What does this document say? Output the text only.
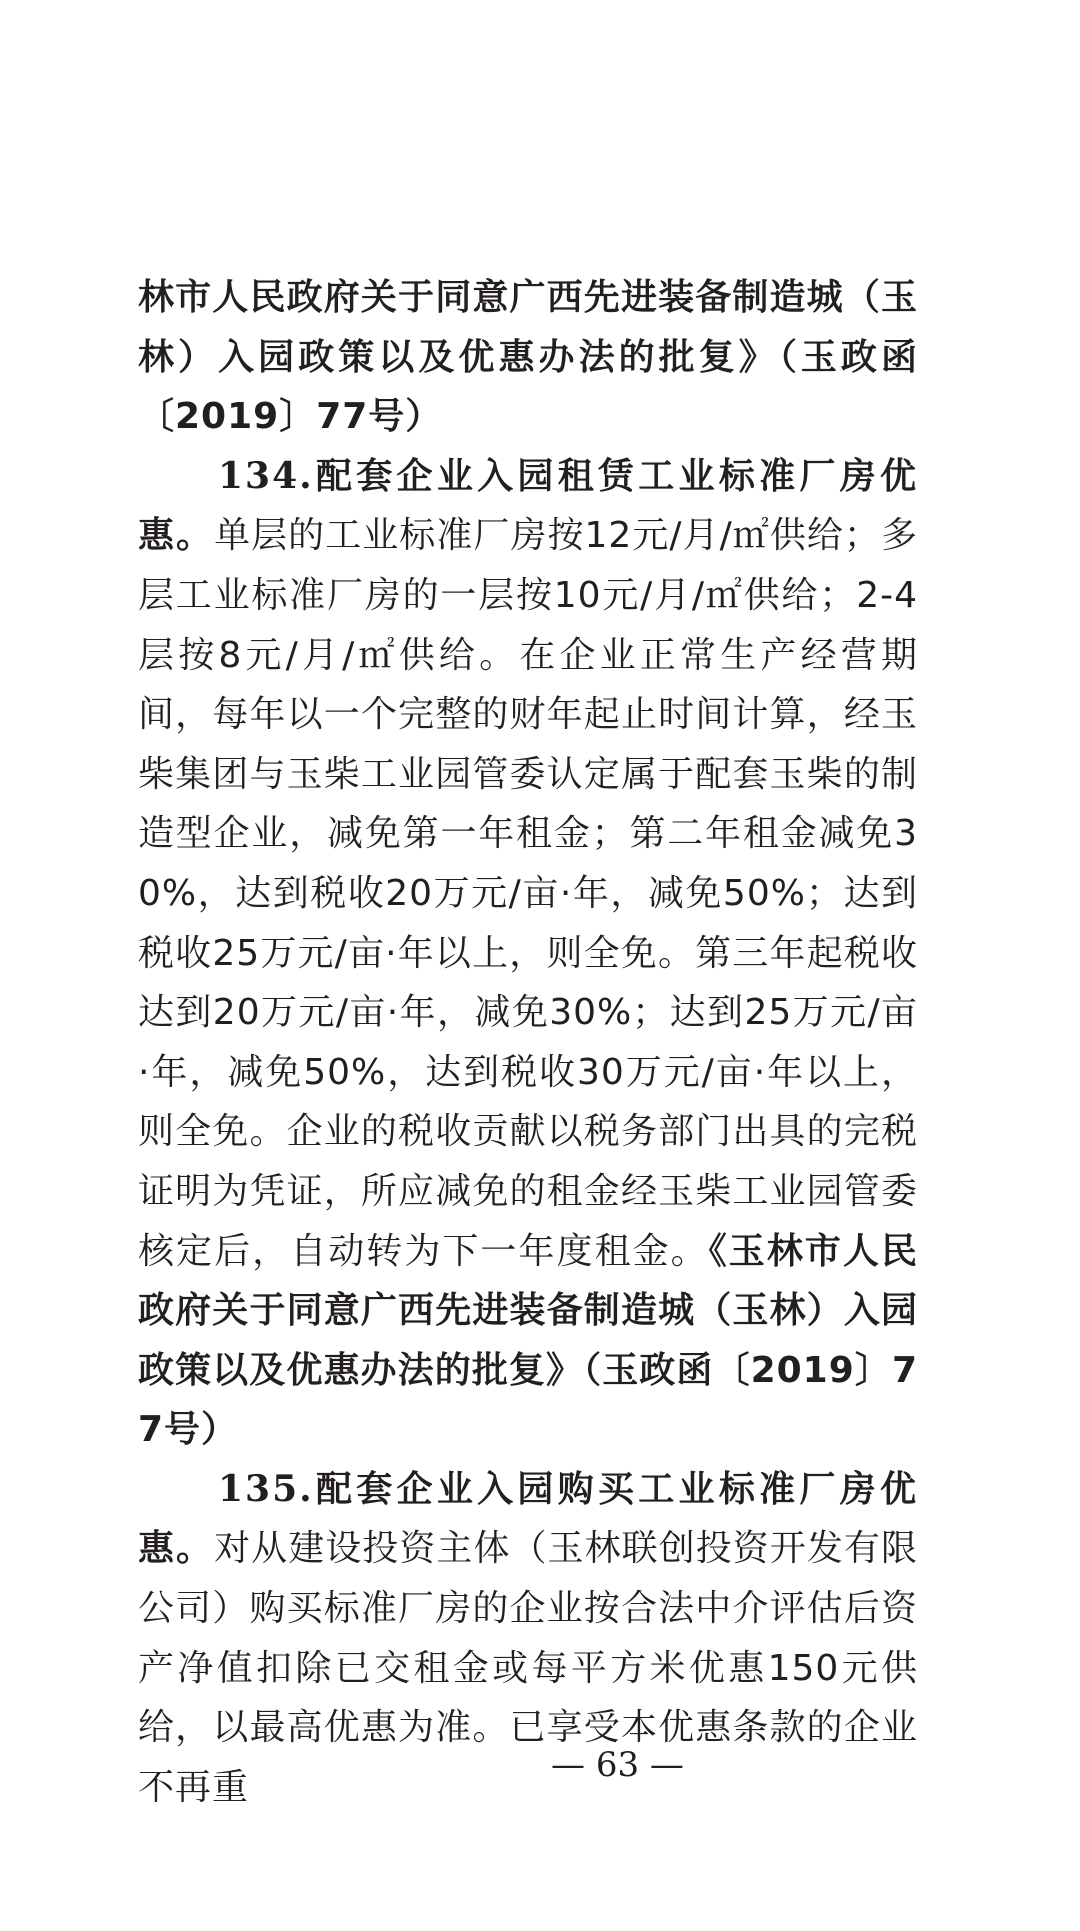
林市人民政府关于同意广西先进装备制造城（玉林）入园政策以及优惠办法的批复》（玉政函〔2019〕77号）

134.配套企业入园租赁工业标准厂房优惠。单层的工业标准厂房按12元/月/㎡供给；多层工业标准厂房的一层按10元/月/㎡供给；2-4层按8元/月/㎡供给。在企业正常生产经营期间，每年以一个完整的财年起止时间计算，经玉柴集团与玉柴工业园管委认定属于配套玉柴的制造型企业，减免第一年租金；第二年租金减免30%，达到税收20万元/亩·年，减免50%；达到税收25万元/亩·年以上，则全免。第三年起税收达到20万元/亩·年，减免30%；达到25万元/亩·年，减免50%，达到税收30万元/亩·年以上，则全免。企业的税收贡献以税务部门出具的完税证明为凭证，所应减免的租金经玉柴工业园管委核定后，自动转为下一年度租金。《玉林市人民政府关于同意广西先进装备制造城（玉林）入园政策以及优惠办法的批复》（玉政函〔2019〕77号）

135.配套企业入园购买工业标准厂房优惠。对从建设投资主体（玉林联创投资开发有限公司）购买标准厂房的企业按合法中介评估后资产净值扣除已交租金或每平方米优惠150元供给，以最高优惠为准。已享受本优惠条款的企业不再重

— 63 —
